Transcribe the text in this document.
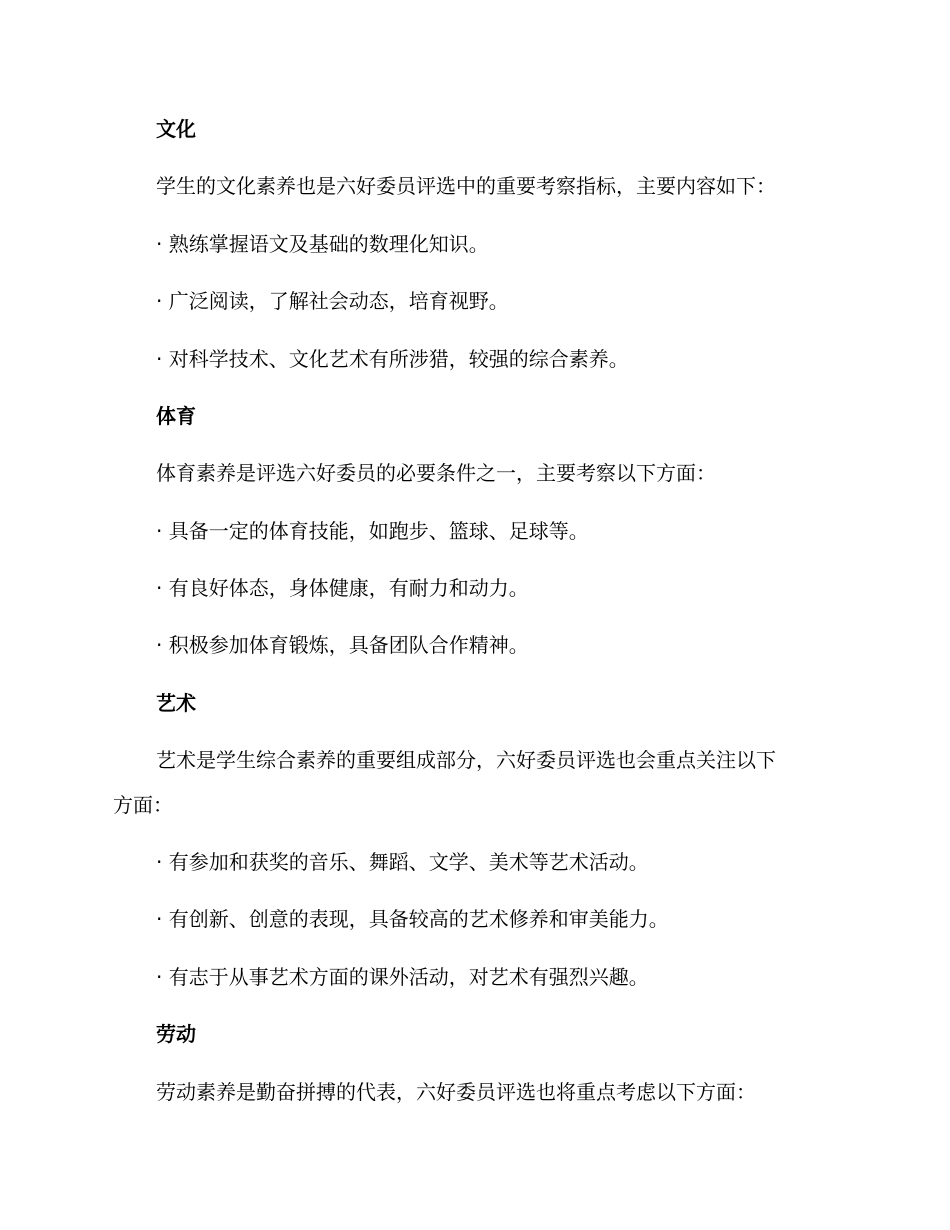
文化
学生的文化素养也是六好委员评选中的重要考察指标，主要内容如下：
· 熟练掌握语文及基础的数理化知识。
· 广泛阅读，了解社会动态，培育视野。
· 对科学技术、文化艺术有所涉猎，较强的综合素养。
体育
体育素养是评选六好委员的必要条件之一，主要考察以下方面：
· 具备一定的体育技能，如跑步、篮球、足球等。
· 有良好体态，身体健康，有耐力和动力。
· 积极参加体育锻炼，具备团队合作精神。
艺术
艺术是学生综合素养的重要组成部分，六好委员评选也会重点关注以下
方面：
· 有参加和获奖的音乐、舞蹈、文学、美术等艺术活动。
· 有创新、创意的表现，具备较高的艺术修养和审美能力。
· 有志于从事艺术方面的课外活动，对艺术有强烈兴趣。
劳动
劳动素养是勤奋拼搏的代表，六好委员评选也将重点考虑以下方面：
